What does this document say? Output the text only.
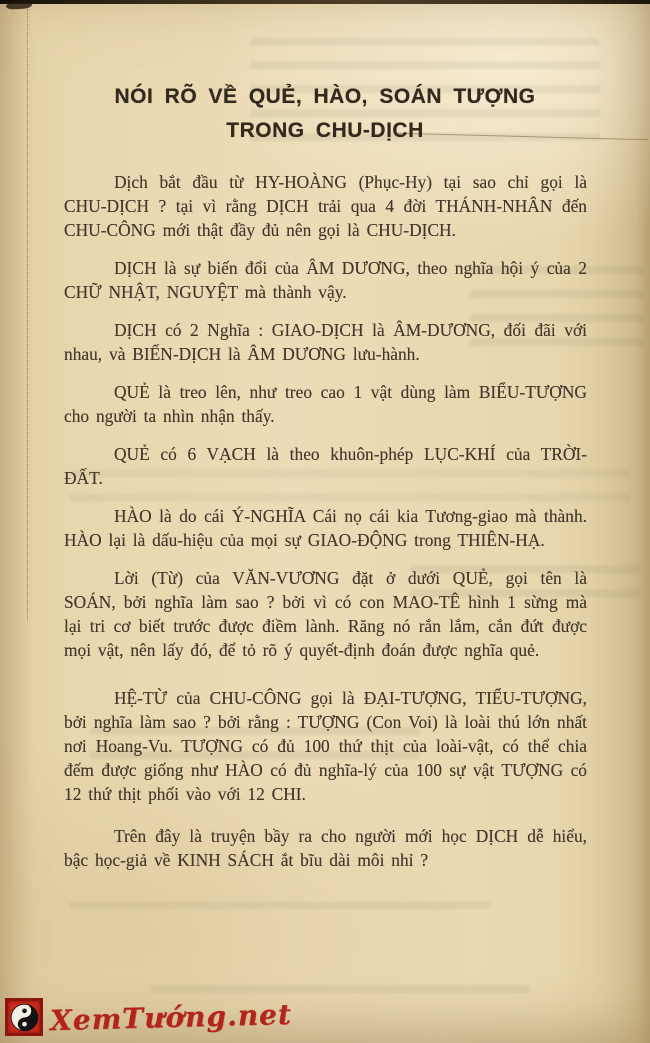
NÓI RÕ VỀ QUẺ, HÀO, SOÁN TƯỢNG
TRONG CHU-DỊCH

Dịch bắt đầu từ HY-HOÀNG (Phục-Hy) tại sao chỉ gọi là CHU-DỊCH ? tại vì rằng DỊCH trải qua 4 đời THÁNH-NHÂN đến CHU-CÔNG mới thật đầy đủ nên gọi là CHU-DỊCH.

DỊCH là sự biến đổi của ÂM DƯƠNG, theo nghĩa hội ý của 2 CHỮ NHẬT, NGUYỆT mà thành vậy.

DỊCH có 2 Nghĩa : GIAO-DỊCH là ÂM-DƯƠNG, đối đãi với nhau, và BIẾN-DỊCH là ÂM DƯƠNG lưu-hành.

QUẺ là treo lên, như treo cao 1 vật dùng làm BIỂU-TƯỢNG cho người ta nhìn nhận thấy.

QUẺ có 6 VẠCH là theo khuôn-phép LỤC-KHÍ của TRỜI-ĐẤT.

HÀO là do cái Ý-NGHĨA Cái nọ cái kia Tương-giao mà thành. HÀO lại là dấu-hiệu của mọi sự GIAO-ĐỘNG trong THIÊN-HẠ.

Lời (Từ) của VĂN-VƯƠNG đặt ở dưới QUẺ, gọi tên là SOÁN, bởi nghĩa làm sao ? bởi vì có con MAO-TÊ hình 1 sừng mà lại tri cơ biết trước được điềm lành. Răng nó rắn lắm, cắn đứt được mọi vật, nên lấy đó, để tỏ rõ ý quyết-định đoán được nghĩa quẻ.

HỆ-TỪ của CHU-CÔNG gọi là ĐẠI-TƯỢNG, TIỂU-TƯỢNG, bởi nghĩa làm sao ? bởi rằng : TƯỢNG (Con Voi) là loài thú lớn nhất nơi Hoang-Vu. TƯỢNG có đủ 100 thứ thịt của loài-vật, có thể chia đếm được giống như HÀO có đủ nghĩa-lý của 100 sự vật TƯỢNG có 12 thứ thịt phối vào với 12 CHI.

Trên đây là truyện bầy ra cho người mới học DỊCH dễ hiểu, bậc học-giả về KINH SÁCH ắt bĩu dài môi nhỉ ?

XemTướng.net
